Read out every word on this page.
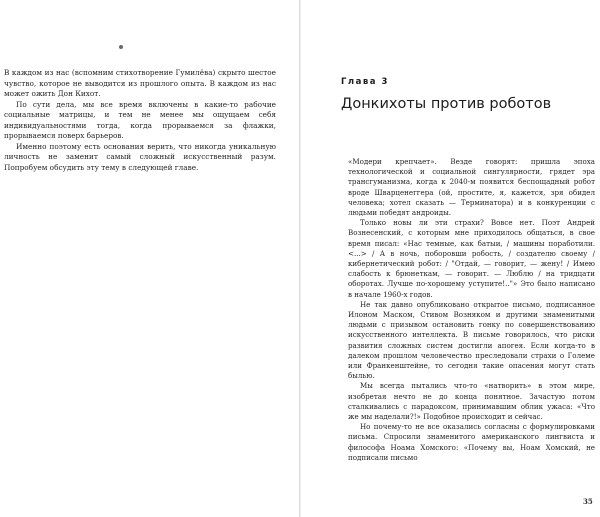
В каждом из нас (вспомним стихотворение Гумилёва) скрыто шестое чувство, которое не выводится из прошлого опыта. В каждом из нас может ожить Дон Кихот.

По сути дела, мы все время включены в какие-то рабочие социальные матрицы, и тем не менее мы ощущаем себя индивидуальностями тогда, когда прорываемся за флажки, прорываемся поверх барьеров.

Именно поэтому есть основания верить, что никогда уникальную личность не заменит самый сложный искусственный разум. Попробуем обсудить эту тему в следующей главе.

Глава 3
Донкихоты против роботов

«Модери крепчает». Везде говорят: пришла эпоха технологической и социальной сингулярности, грядет эра трансгуманизма, когда к 2040-м появится беспощадный робот вроде Шварценеггера (ой, простите, я, кажется, зря обидел человека; хотел сказать — Терминатора) и в конкуренции с людьми победят андроиды.

Только новы ли эти страхи? Вовсе нет. Поэт Андрей Вознесенский, с которым мне приходилось общаться, в свое время писал: «Нас темные, как батыи, / машины поработили. <...> / А в ночь, поборовши робость, / создателю своему / кибернетический робот: / "Отдай, — говорит, — жену! / Имею слабость к брюнеткам, — говорит. — Люблю / на тридцати оборотах. Лучше по-хорошему уступите!.."» Это было написано в начале 1960-х годов.

Не так давно опубликовано открытое письмо, подписанное Илоном Маском, Стивом Возняком и другими знаменитыми людьми с призывом остановить гонку по совершенствованию искусственного интеллекта. В письме говорилось, что риски развития сложных систем достигли апогея. Если когда-то в далеком прошлом человечество преследовали страхи о Големе или Франкенштейне, то сегодня такие опасения могут стать былью.

Мы всегда пытались что-то «натворить» в этом мире, изобретая нечто не до конца понятное. Зачастую потом сталкивались с парадоксом, принимавшим облик ужаса: «Что же мы наделали?!» Подобное происходит и сейчас.

Но почему-то не все оказались согласны с формулировками письма. Спросили знаменитого американского лингвиста и философа Ноама Хомского: «Почему вы, Ноам Хомский, не подписали письмо

35
